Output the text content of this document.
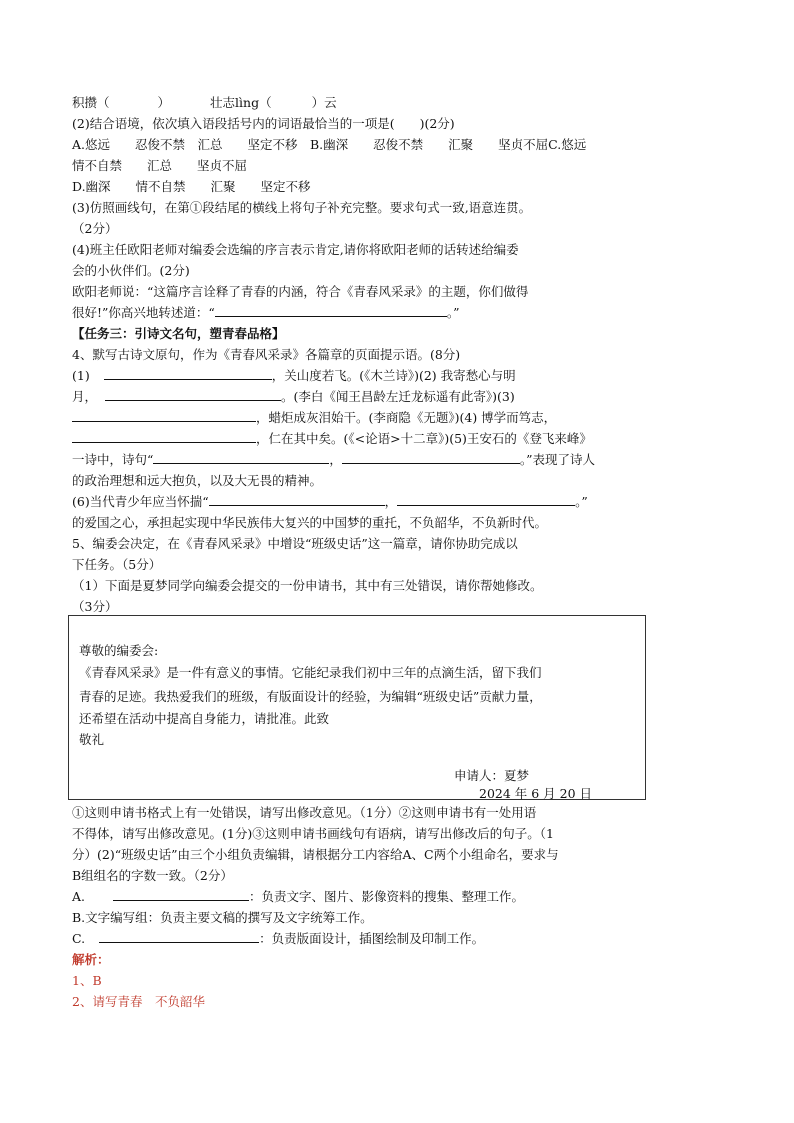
积攒（	）	壮志lìng（	）云
(2)结合语境，依次填入语段括号内的词语最恰当的一项是(　　)(2分)
A.悠远　　忍俊不禁　汇总　　坚定不移　B.幽深　　忍俊不禁　　汇聚　　坚贞不屈C.悠远
情不自禁　　汇总　　坚贞不屈
D.幽深　　情不自禁　　汇聚　　坚定不移
(3)仿照画线句，在第①段结尾的横线上将句子补充完整。要求句式一致,语意连贯。
（2分）
(4)班主任欧阳老师对编委会选编的序言表示肯定,请你将欧阳老师的话转述给编委
会的小伙伴们。(2分)
欧阳老师说：“这篇序言诠释了青春的内涵，符合《青春风采录》的主题，你们做得
很好!”你高兴地转述道：“	。”
【任务三：引诗文名句，塑青春品格】
4、默写古诗文原句，作为《青春风采录》各篇章的页面提示语。(8分)
(1)	，关山度若飞。(《木兰诗》)(2) 我寄愁心与明
月，	。(李白《闻王昌龄左迁龙标遥有此寄》)(3)
，蜡炬成灰泪始干。(李商隐《无题》)(4) 博学而笃志，
，仁在其中矣。(《<论语>十二章》)(5)王安石的《登飞来峰》
一诗中，诗句“	，	。”表现了诗人
的政治理想和远大抱负，以及大无畏的精神。
(6)当代青少年应当怀揣“	，	。”
的爱国之心，承担起实现中华民族伟大复兴的中国梦的重托，不负韶华，不负新时代。
5、编委会决定，在《青春风采录》中增设“班级史话”这一篇章，请你协助完成以
下任务。（5分）
（1）下面是夏梦同学向编委会提交的一份申请书，其中有三处错误，请你帮她修改。
（3分）
尊敬的编委会:
《青春风采录》是一件有意义的事情。它能纪录我们初中三年的点滴生活，留下我们
青春的足迹。我热爱我们的班级，有版面设计的经验，为编辑“班级史话”贡献力量，
还希望在活动中提高自身能力，请批准。此致
敬礼
申请人：夏梦
2024 年 6 月 20 日
①这则申请书格式上有一处错误，请写出修改意见。（1分）②这则申请书有一处用语
不得体，请写出修改意见。(1分)③这则申请书画线句有语病，请写出修改后的句子。（1
分）(2)“班级史话”由三个小组负责编辑，请根据分工内容给A、C两个小组命名，要求与
B组组名的字数一致。（2分）
A.	：负责文字、图片、影像资料的搜集、整理工作。
B.文字编写组：负责主要文稿的撰写及文字统筹工作。
C.	：负责版面设计，插图绘制及印制工作。
解析：
1、B
2、请写青春　不负韶华
